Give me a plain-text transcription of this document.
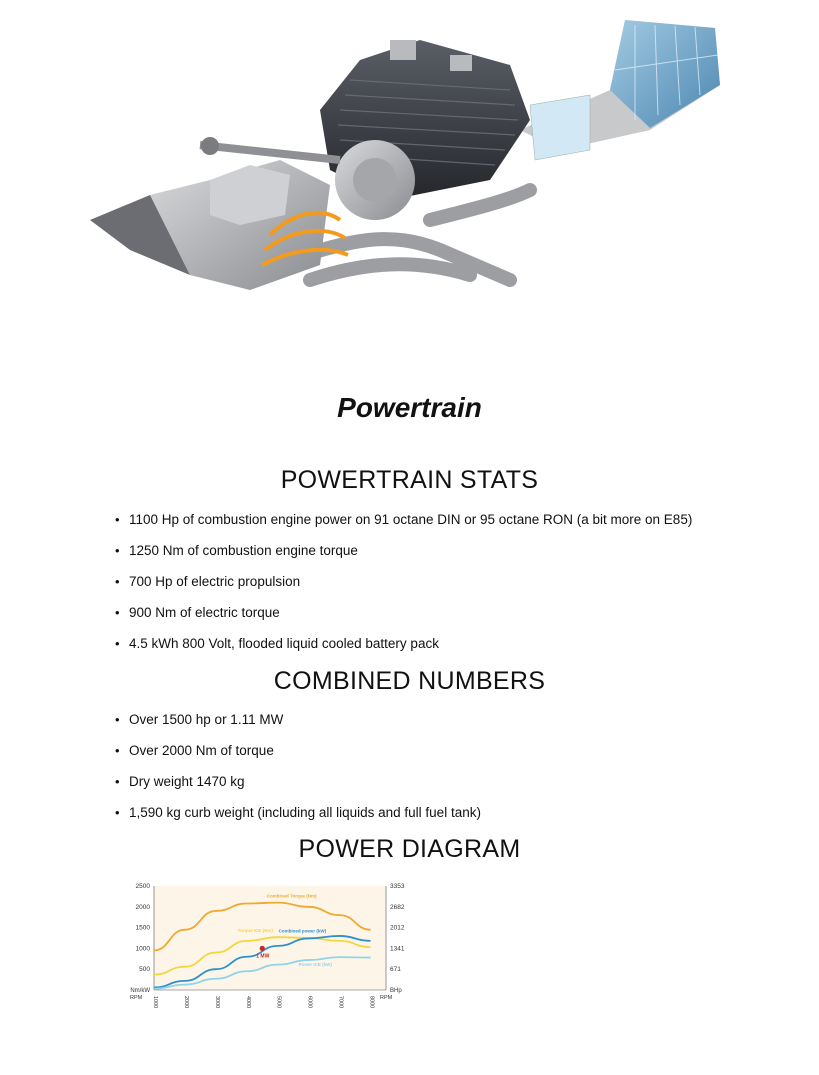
Powertrain
POWERTRAIN STATS
• 1100 Hp of combustion engine power on 91 octane DIN or 95 octane RON (a bit more on E85)
• 1250 Nm of combustion engine torque
• 700 Hp of electric propulsion
• 900 Nm of electric torque
• 4.5 kWh 800 Volt, flooded liquid cooled battery pack
COMBINED NUMBERS
• Over 1500 hp or 1.11 MW
• Over 2000 Nm of torque
• Dry weight 1470 kg
• 1,590 kg curb weight (including all liquids and full fuel tank)
POWER DIAGRAM
2500	3353
2000	2682
1500	2012
1000	1341
500	671
Nm/kW	BHp
1000	2000	3000	4000	5000	6000	7000	8000
RPM	RPM
Combined Torque (Nm)
Torque ICE (Nm) Combined power (kW)
Power ICE (kW)
1 MW
